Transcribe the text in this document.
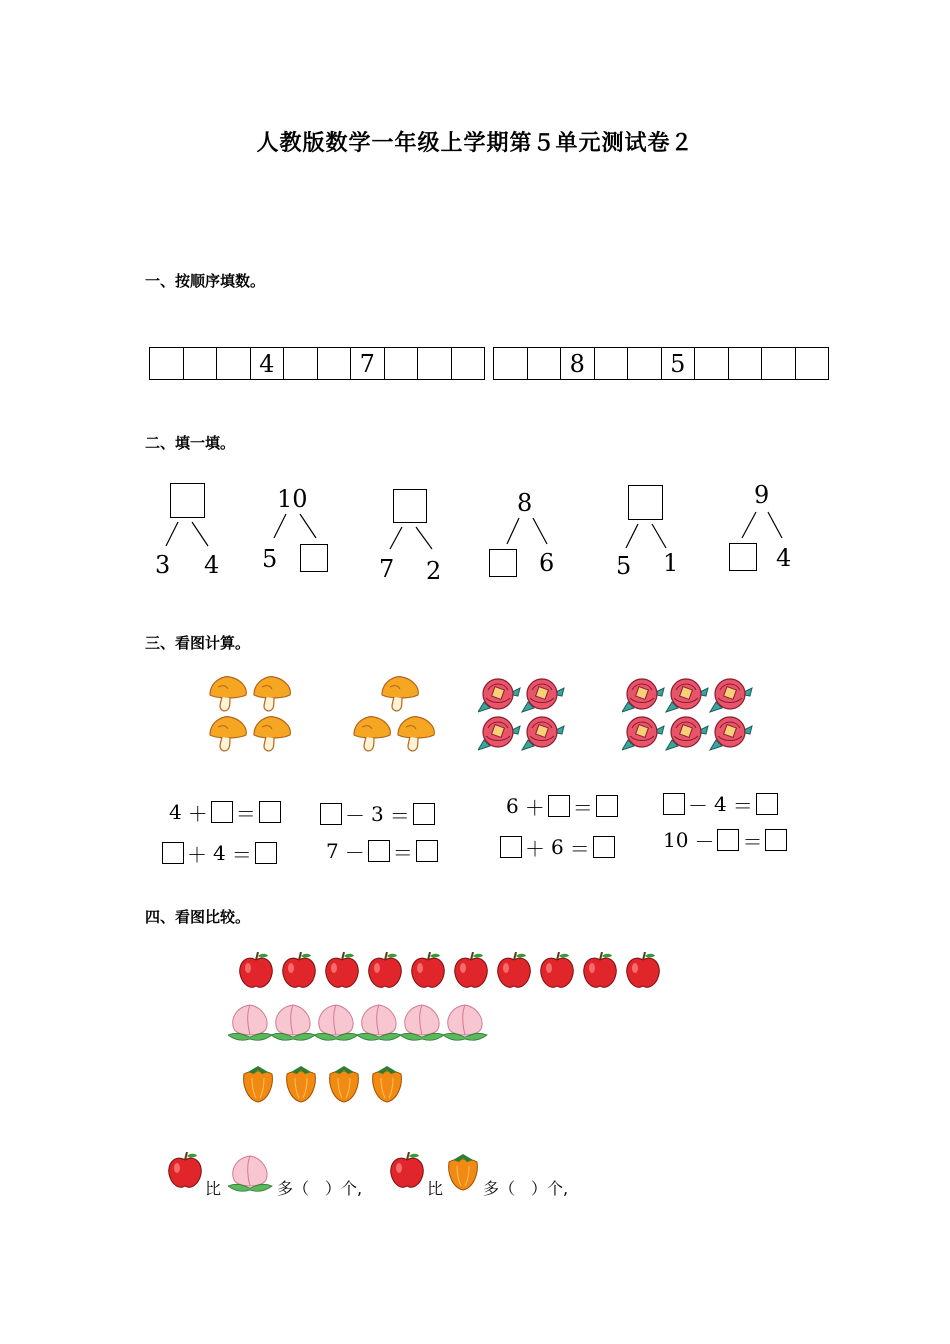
人教版数学一年级上学期第５单元测试卷２
一、按顺序填数。
4	7	8	5
二、填一填。
3 4
10
5	7 2
8
6	5 1
9
4
三、看图计算。
4 ＋ ＝
＋ 4 ＝
－ 3 ＝
7 － ＝
6 ＋ ＝
＋ 6 ＝
－ 4 ＝
10 － ＝
四、看图比较。
比	多（　）个,	比 多（　）个,
